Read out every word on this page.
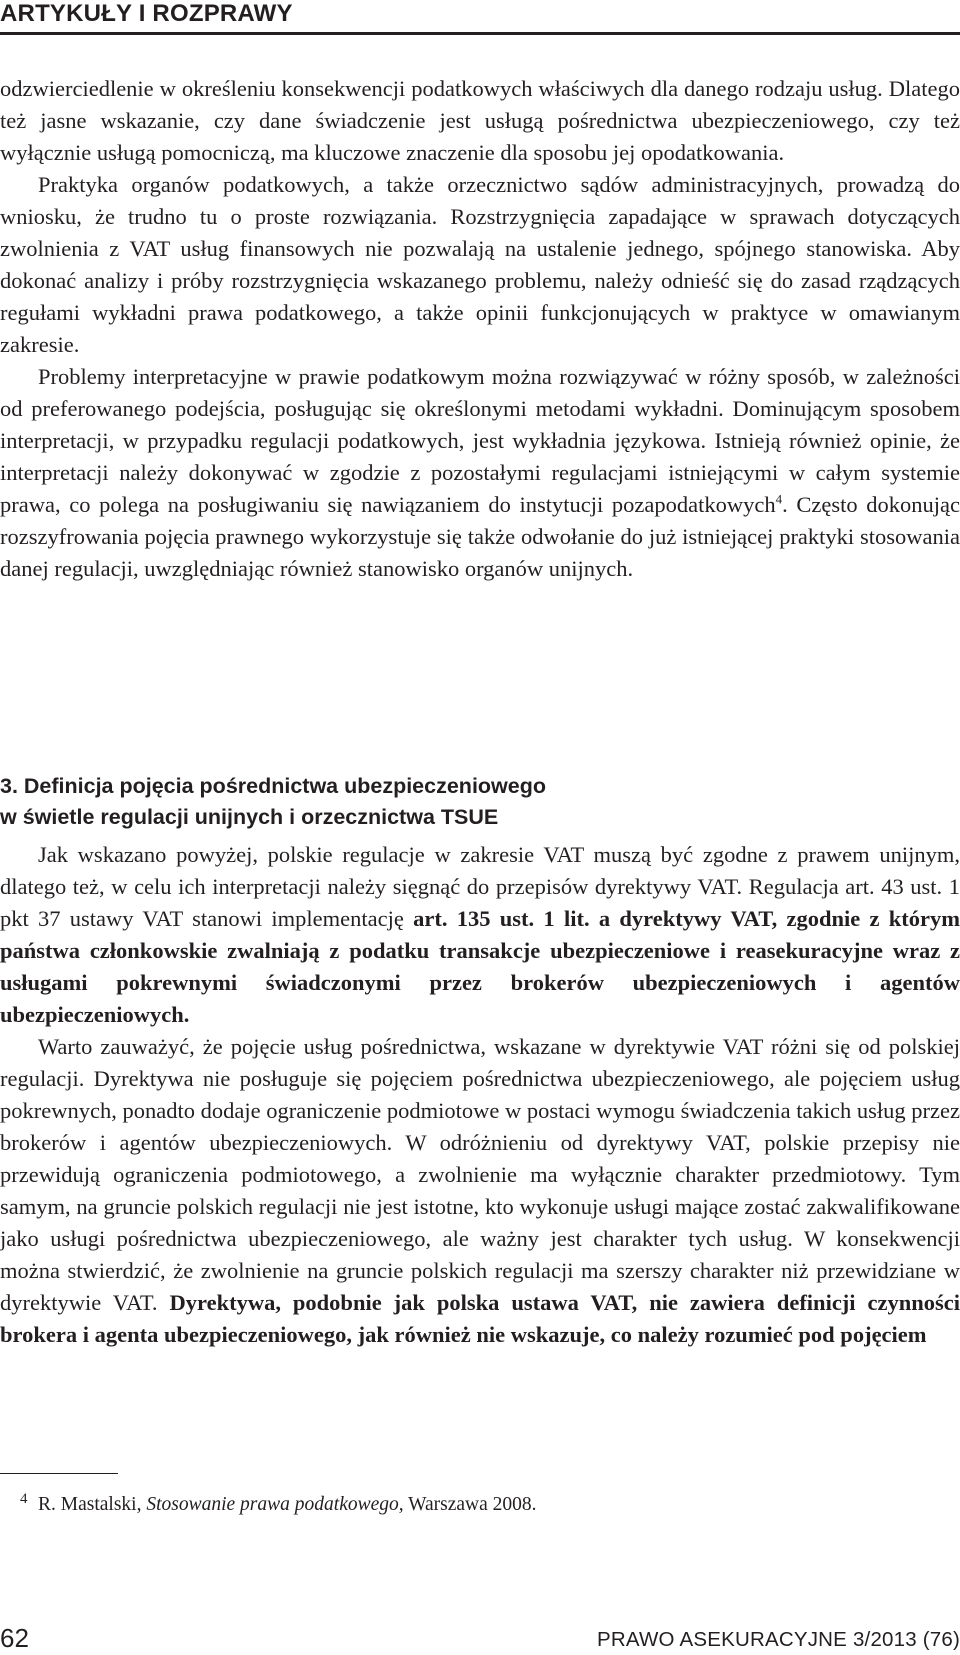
ARTYKUŁY I ROZPRAWY

odzwierciedlenie w określeniu konsekwencji podatkowych właściwych dla danego rodzaju usług. Dlatego też jasne wskazanie, czy dane świadczenie jest usługą pośrednictwa ubezpieczeniowego, czy też wyłącznie usługą pomocniczą, ma kluczowe znaczenie dla sposobu jej opodatkowania.

Praktyka organów podatkowych, a także orzecznictwo sądów administracyjnych, prowadzą do wniosku, że trudno tu o proste rozwiązania. Rozstrzygnięcia zapadające w sprawach dotyczących zwolnienia z VAT usług finansowych nie pozwalają na ustalenie jednego, spójnego stanowiska. Aby dokonać analizy i próby rozstrzygnięcia wskazanego problemu, należy odnieść się do zasad rządzących regułami wykładni prawa podatkowego, a także opinii funkcjonujących w praktyce w omawianym zakresie.

Problemy interpretacyjne w prawie podatkowym można rozwiązywać w różny sposób, w zależności od preferowanego podejścia, posługując się określonymi metodami wykładni. Dominującym sposobem interpretacji, w przypadku regulacji podatkowych, jest wykładnia językowa. Istnieją również opinie, że interpretacji należy dokonywać w zgodzie z pozostałymi regulacjami istniejącymi w całym systemie prawa, co polega na posługiwaniu się nawiązaniem do instytucji pozapodatkowych$^4$. Często dokonując rozszyfrowania pojęcia prawnego wykorzystuje się także odwołanie do już istniejącej praktyki stosowania danej regulacji, uwzględniając również stanowisko organów unijnych.

3. Definicja pojęcia pośrednictwa ubezpieczeniowego
w świetle regulacji unijnych i orzecznictwa TSUE

Jak wskazano powyżej, polskie regulacje w zakresie VAT muszą być zgodne z prawem unijnym, dlatego też, w celu ich interpretacji należy sięgnąć do przepisów dyrektywy VAT. Regulacja art. 43 ust. 1 pkt 37 ustawy VAT stanowi implementację art. 135 ust. 1 lit. a dyrektywy VAT, zgodnie z którym państwa członkowskie zwalniają z podatku transakcje ubezpieczeniowe i reasekuracyjne wraz z usługami pokrewnymi świadczonymi przez brokerów ubezpieczeniowych i agentów ubezpieczeniowych.

Warto zauważyć, że pojęcie usług pośrednictwa, wskazane w dyrektywie VAT różni się od polskiej regulacji. Dyrektywa nie posługuje się pojęciem pośrednictwa ubezpieczeniowego, ale pojęciem usług pokrewnych, ponadto dodaje ograniczenie podmiotowe w postaci wymogu świadczenia takich usług przez brokerów i agentów ubezpieczeniowych. W odróżnieniu od dyrektywy VAT, polskie przepisy nie przewidują ograniczenia podmiotowego, a zwolnienie ma wyłącznie charakter przedmiotowy. Tym samym, na gruncie polskich regulacji nie jest istotne, kto wykonuje usługi mające zostać zakwalifikowane jako usługi pośrednictwa ubezpieczeniowego, ale ważny jest charakter tych usług. W konsekwencji można stwierdzić, że zwolnienie na gruncie polskich regulacji ma szerszy charakter niż przewidziane w dyrektywie VAT. Dyrektywa, podobnie jak polska ustawa VAT, nie zawiera definicji czynności brokera i agenta ubezpieczeniowego, jak również nie wskazuje, co należy rozumieć pod pojęciem

4 R. Mastalski, Stosowanie prawa podatkowego, Warszawa 2008.
62	PRAWO ASEKURACYJNE 3/2013 (76)
